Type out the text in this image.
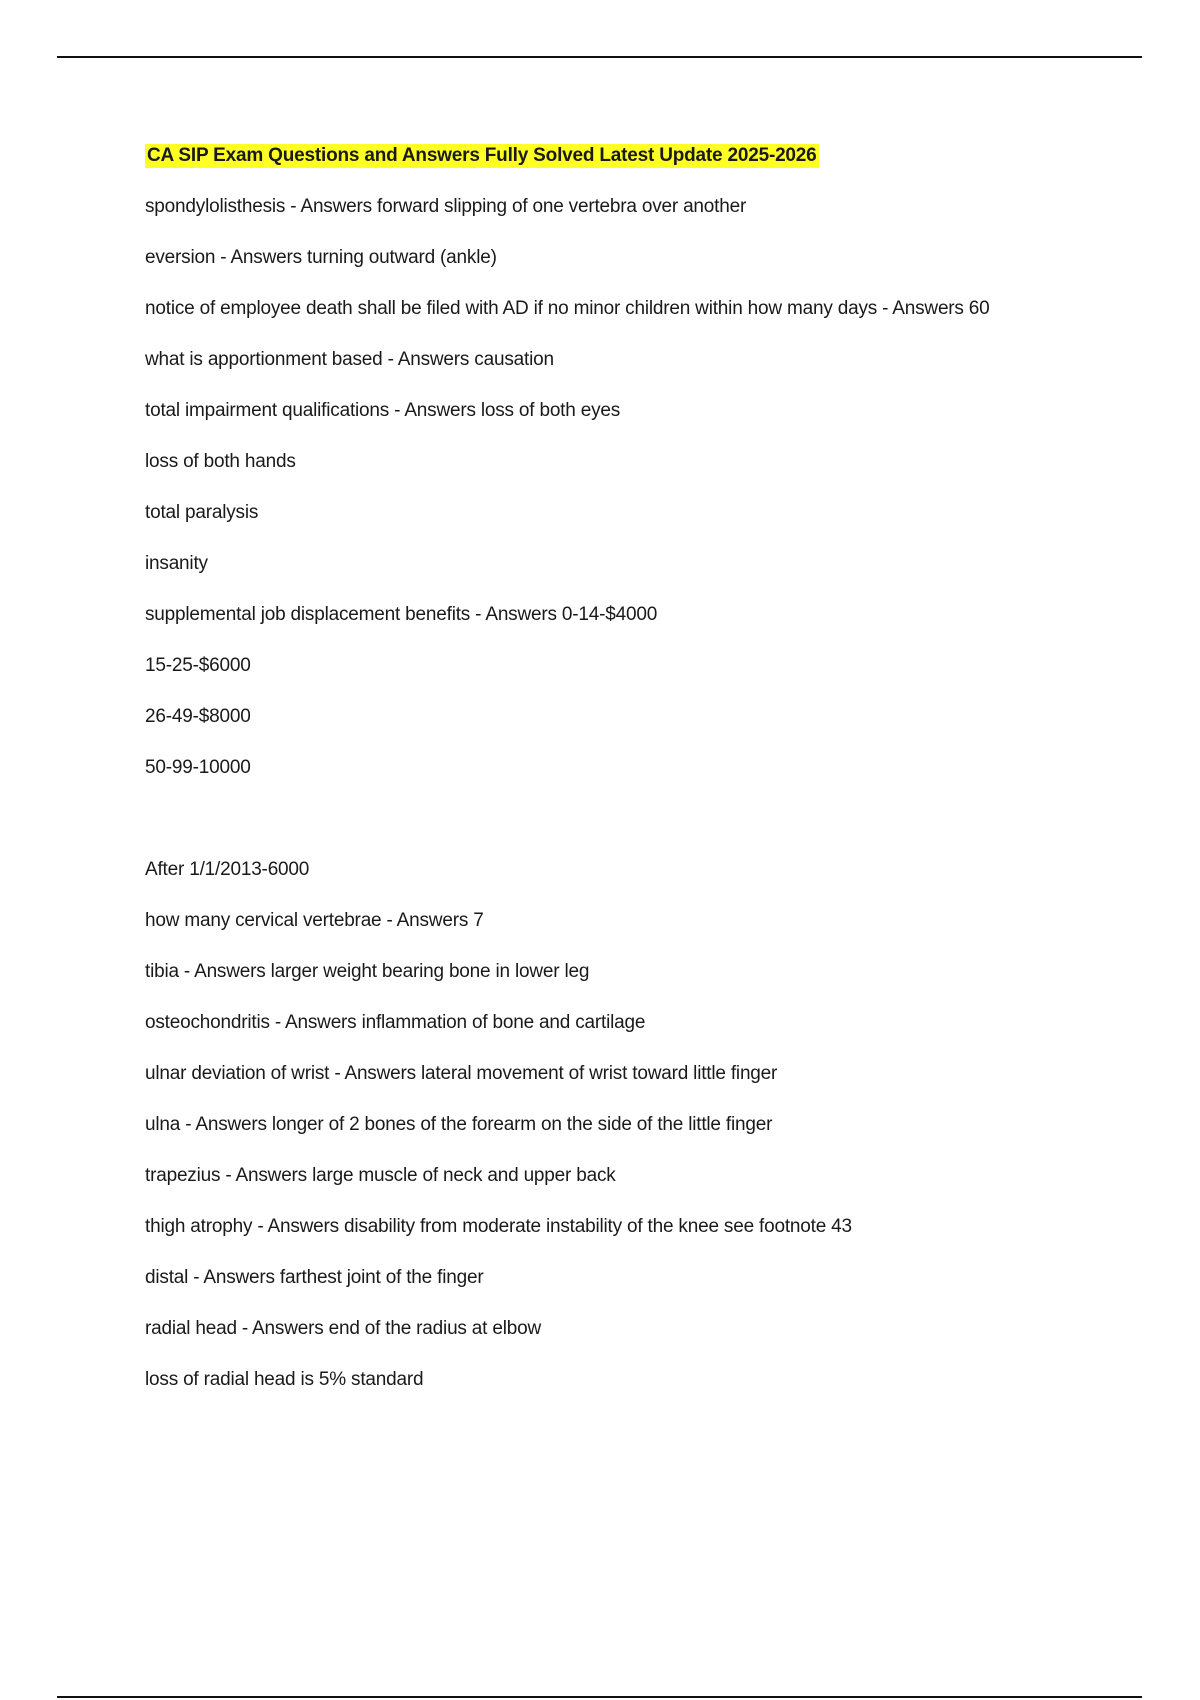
CA SIP Exam Questions and Answers Fully Solved Latest Update 2025-2026
spondylolisthesis - Answers forward slipping of one vertebra over another
eversion - Answers turning outward (ankle)
notice of employee death shall be filed with AD if no minor children within how many days - Answers 60
what is apportionment based - Answers causation
total impairment qualifications - Answers loss of both eyes
loss of both hands
total paralysis
insanity
supplemental job displacement benefits - Answers 0-14-$4000
15-25-$6000
26-49-$8000
50-99-10000
After 1/1/2013-6000
how many cervical vertebrae - Answers 7
tibia - Answers larger weight bearing bone in lower leg
osteochondritis - Answers inflammation of bone and cartilage
ulnar deviation of wrist - Answers lateral movement of wrist toward little finger
ulna - Answers longer of 2 bones of the forearm on the side of the little finger
trapezius - Answers large muscle of neck and upper back
thigh atrophy - Answers disability from moderate instability of the knee see footnote 43
distal - Answers farthest joint of the finger
radial head - Answers end of the radius at elbow
loss of radial head is 5% standard
